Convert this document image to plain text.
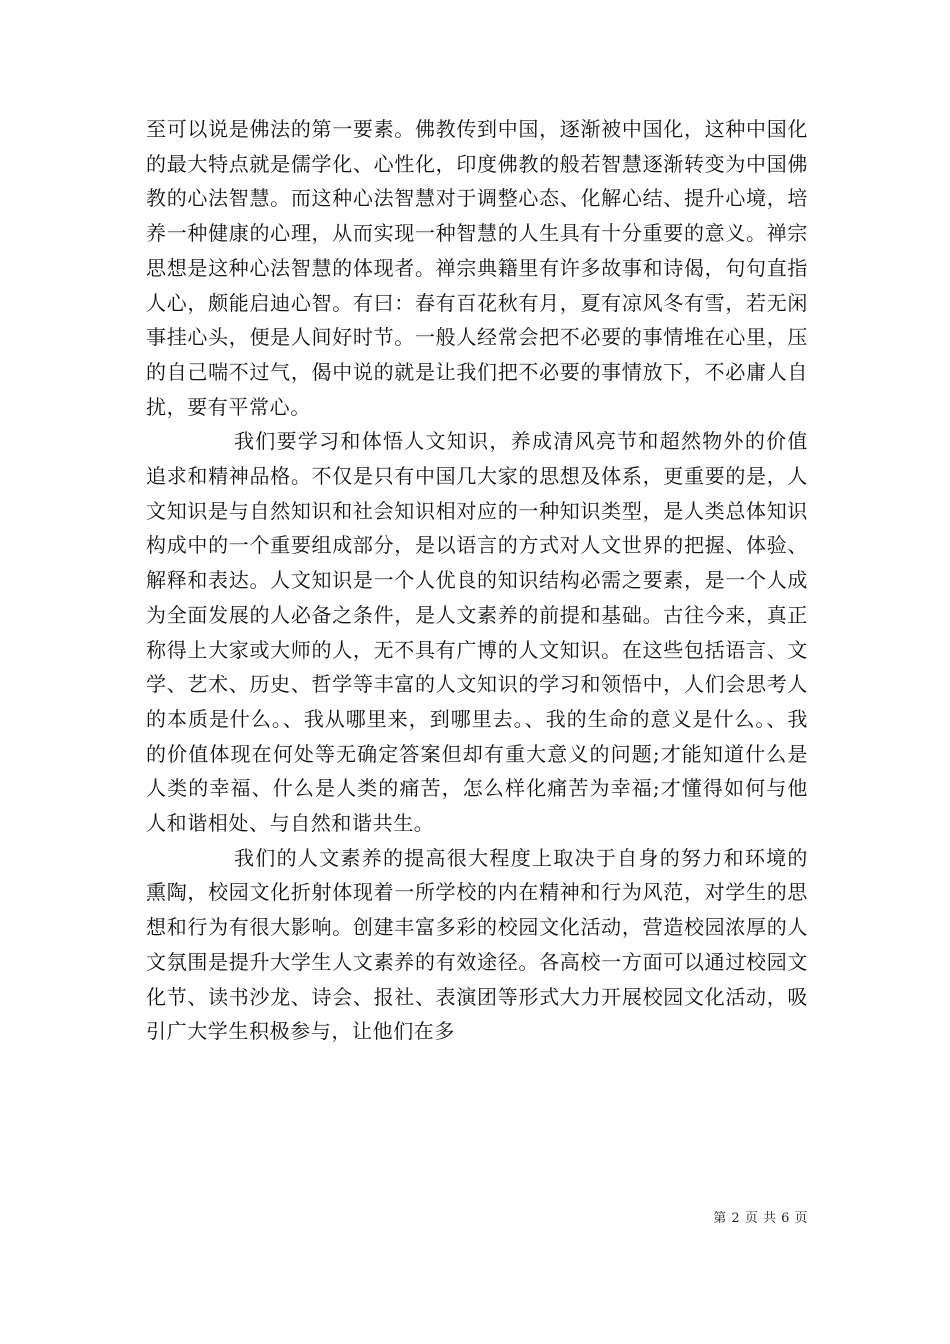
至可以说是佛法的第一要素。佛教传到中国，逐渐被中国化，这种中国化的最大特点就是儒学化、心性化，印度佛教的般若智慧逐渐转变为中国佛教的心法智慧。而这种心法智慧对于调整心态、化解心结、提升心境，培养一种健康的心理，从而实现一种智慧的人生具有十分重要的意义。禅宗思想是这种心法智慧的体现者。禅宗典籍里有许多故事和诗偈，句句直指人心，颇能启迪心智。有曰：春有百花秋有月，夏有凉风冬有雪，若无闲事挂心头，便是人间好时节。一般人经常会把不必要的事情堆在心里，压的自己喘不过气，偈中说的就是让我们把不必要的事情放下，不必庸人自扰，要有平常心。

我们要学习和体悟人文知识，养成清风亮节和超然物外的价值追求和精神品格。不仅是只有中国几大家的思想及体系，更重要的是，人文知识是与自然知识和社会知识相对应的一种知识类型，是人类总体知识构成中的一个重要组成部分，是以语言的方式对人文世界的把握、体验、解释和表达。人文知识是一个人优良的知识结构必需之要素，是一个人成为全面发展的人必备之条件，是人文素养的前提和基础。古往今来，真正称得上大家或大师的人，无不具有广博的人文知识。在这些包括语言、文学、艺术、历史、哲学等丰富的人文知识的学习和领悟中，人们会思考人的本质是什么。、我从哪里来，到哪里去。、我的生命的意义是什么。、我的价值体现在何处等无确定答案但却有重大意义的问题;才能知道什么是人类的幸福、什么是人类的痛苦，怎么样化痛苦为幸福;才懂得如何与他人和谐相处、与自然和谐共生。

我们的人文素养的提高很大程度上取决于自身的努力和环境的熏陶，校园文化折射体现着一所学校的内在精神和行为风范，对学生的思想和行为有很大影响。创建丰富多彩的校园文化活动，营造校园浓厚的人文氛围是提升大学生人文素养的有效途径。各高校一方面可以通过校园文化节、读书沙龙、诗会、报社、表演团等形式大力开展校园文化活动，吸引广大学生积极参与，让他们在多

第 2 页 共 6 页
